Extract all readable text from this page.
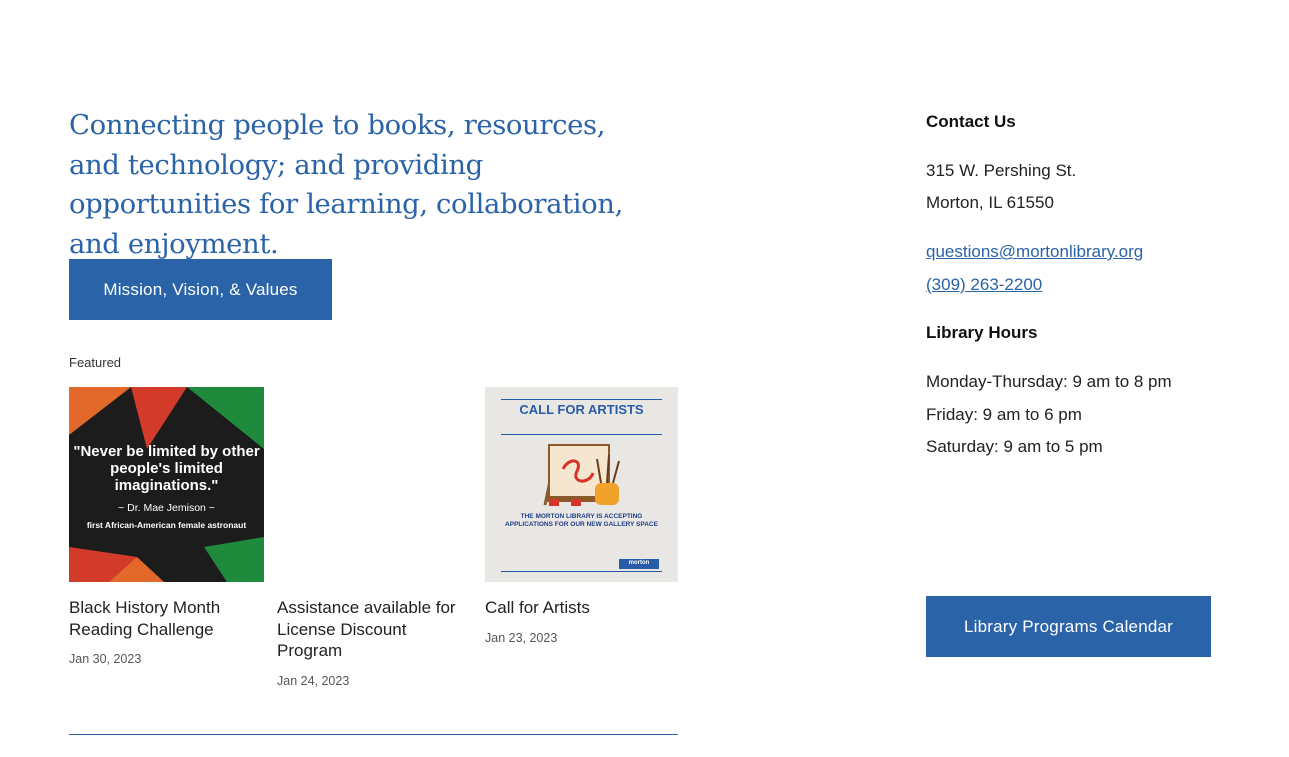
Connecting people to books, resources, and technology; and providing opportunities for learning, collaboration, and enjoyment.
Mission, Vision, & Values
Featured
"Never be limited by other people's limited imaginations."
~ Dr. Mae Jemison ~
first African-American female astronaut
Black History Month Reading Challenge
Jan 30, 2023
Assistance available for License Discount Program
Jan 24, 2023
CALL FOR ARTISTS
THE MORTON LIBRARY IS ACCEPTING APPLICATIONS FOR OUR NEW GALLERY SPACE
morton
Call for Artists
Jan 23, 2023
Contact Us
315 W. Pershing St.
Morton, IL 61550
questions@mortonlibrary.org
(309) 263-2200
Library Hours
Monday-Thursday: 9 am to 8 pm
Friday: 9 am to 6 pm
Saturday: 9 am to 5 pm
Library Programs Calendar
